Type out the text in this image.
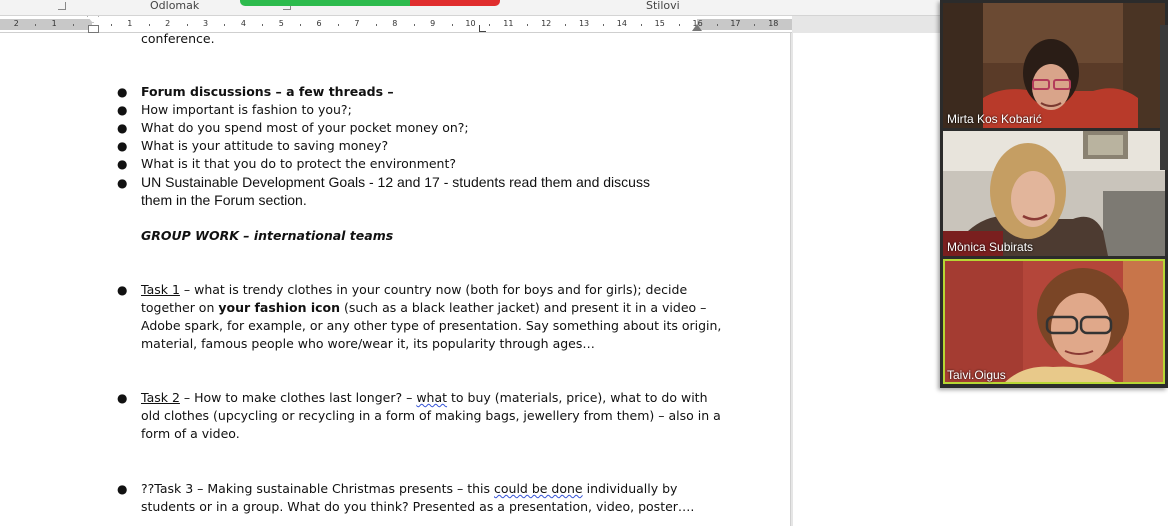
Odlomak	Stilovi
2	1	1	2	3	4	5	6	7	8	9	10	11	12	13	14	15	16	17	18
conference.
● Forum discussions – a few threads –
● How important is fashion to you?;
● What do you spend most of your pocket money on?;
● What is your attitude to saving money?
● What is it that you do to protect the environment?
● UN Sustainable Development Goals - 12 and 17 - students read them and discuss
them in the Forum section.
GROUP WORK – international teams
● Task 1 – what is trendy clothes in your country now (both for boys and for girls); decide
together on your fashion icon (such as a black leather jacket) and present it in a video –
Adobe spark, for example, or any other type of presentation. Say something about its origin,
material, famous people who wore/wear it, its popularity through ages…
● Task 2 – How to make clothes last longer? – what to buy (materials, price), what to do with
old clothes (upcycling or recycling in a form of making bags, jewellery from them) – also in a
form of a video.
● ??Task 3 – Making sustainable Christmas presents – this could be done individually by
students or in a group. What do you think? Presented as a presentation, video, poster….
Mirta Kos Kobarić
Mònica Subirats
Taivi.Oigus
